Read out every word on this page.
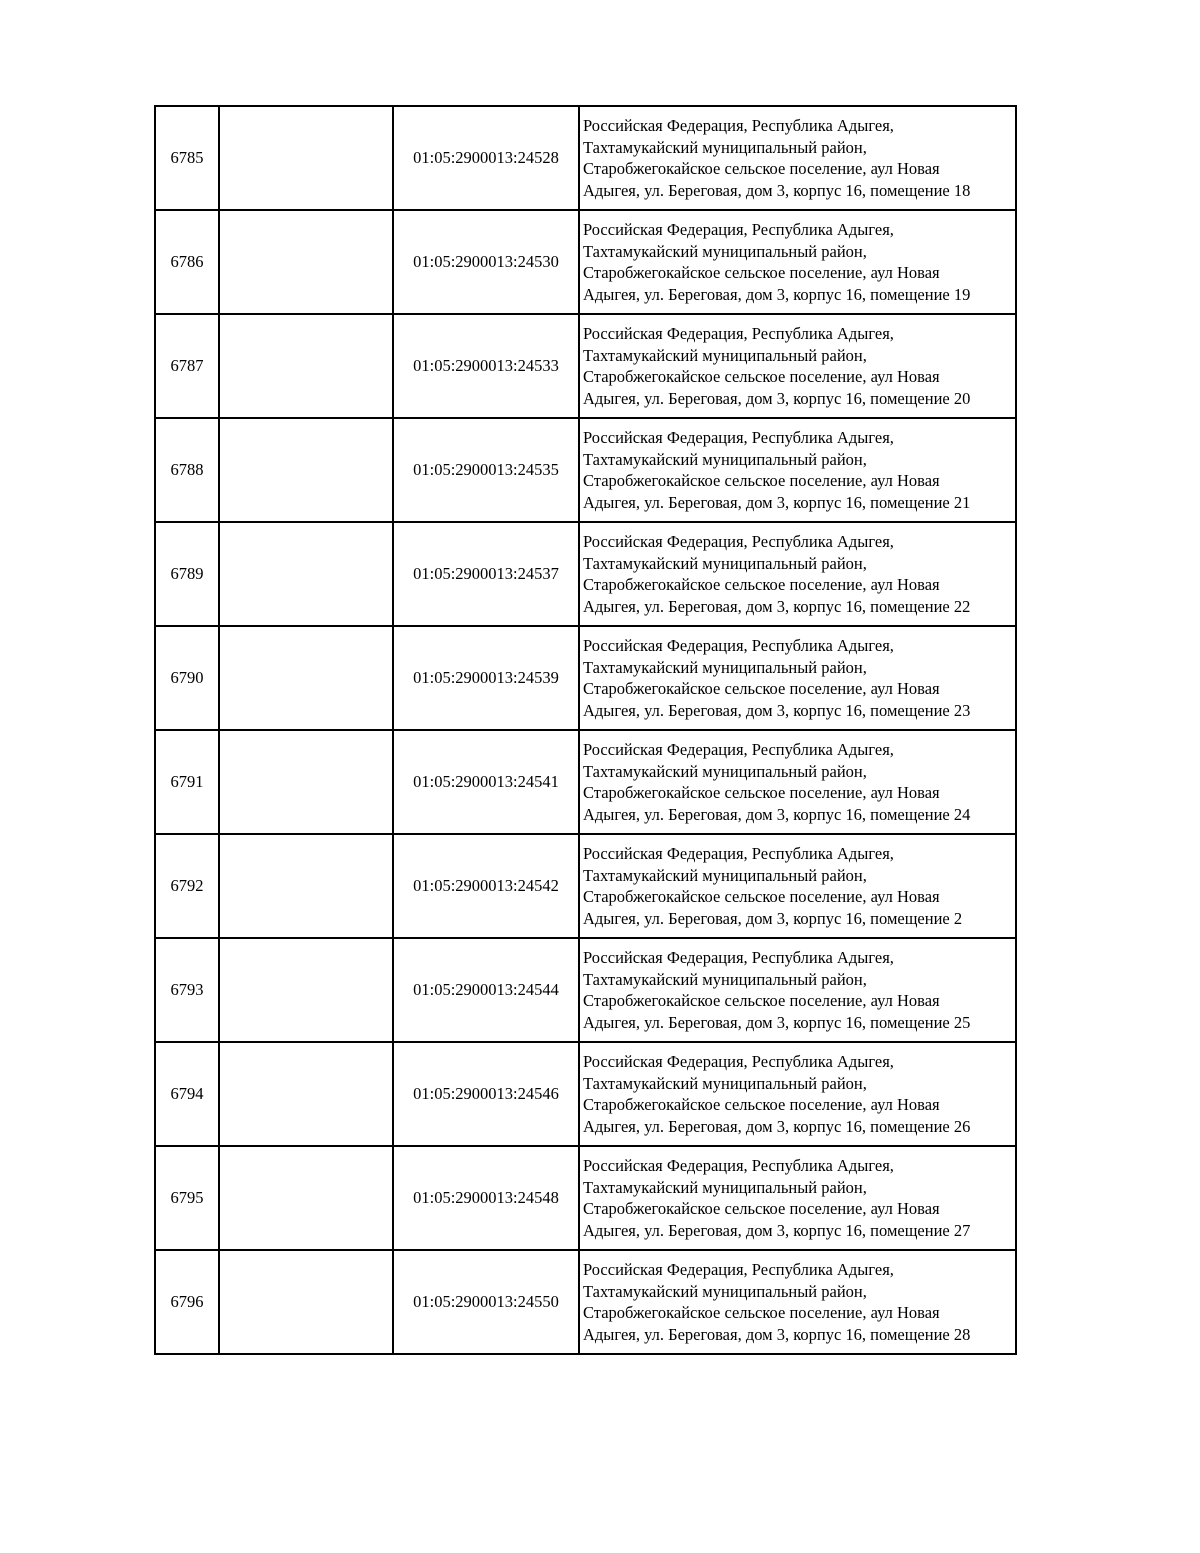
6785		01:05:2900013:24528	Российская Федерация, Республика Адыгея,
Тахтамукайский муниципальный район,
Старобжегокайское сельское поселение, аул Новая
Адыгея, ул. Береговая, дом 3, корпус 16, помещение 18

6786		01:05:2900013:24530	Российская Федерация, Республика Адыгея,
Тахтамукайский муниципальный район,
Старобжегокайское сельское поселение, аул Новая
Адыгея, ул. Береговая, дом 3, корпус 16, помещение 19

6787		01:05:2900013:24533	Российская Федерация, Республика Адыгея,
Тахтамукайский муниципальный район,
Старобжегокайское сельское поселение, аул Новая
Адыгея, ул. Береговая, дом 3, корпус 16, помещение 20

6788		01:05:2900013:24535	Российская Федерация, Республика Адыгея,
Тахтамукайский муниципальный район,
Старобжегокайское сельское поселение, аул Новая
Адыгея, ул. Береговая, дом 3, корпус 16, помещение 21

6789		01:05:2900013:24537	Российская Федерация, Республика Адыгея,
Тахтамукайский муниципальный район,
Старобжегокайское сельское поселение, аул Новая
Адыгея, ул. Береговая, дом 3, корпус 16, помещение 22

6790		01:05:2900013:24539	Российская Федерация, Республика Адыгея,
Тахтамукайский муниципальный район,
Старобжегокайское сельское поселение, аул Новая
Адыгея, ул. Береговая, дом 3, корпус 16, помещение 23

6791		01:05:2900013:24541	Российская Федерация, Республика Адыгея,
Тахтамукайский муниципальный район,
Старобжегокайское сельское поселение, аул Новая
Адыгея, ул. Береговая, дом 3, корпус 16, помещение 24

6792		01:05:2900013:24542	Российская Федерация, Республика Адыгея,
Тахтамукайский муниципальный район,
Старобжегокайское сельское поселение, аул Новая
Адыгея, ул. Береговая, дом 3, корпус 16, помещение 2

6793		01:05:2900013:24544	Российская Федерация, Республика Адыгея,
Тахтамукайский муниципальный район,
Старобжегокайское сельское поселение, аул Новая
Адыгея, ул. Береговая, дом 3, корпус 16, помещение 25

6794		01:05:2900013:24546	Российская Федерация, Республика Адыгея,
Тахтамукайский муниципальный район,
Старобжегокайское сельское поселение, аул Новая
Адыгея, ул. Береговая, дом 3, корпус 16, помещение 26

6795		01:05:2900013:24548	Российская Федерация, Республика Адыгея,
Тахтамукайский муниципальный район,
Старобжегокайское сельское поселение, аул Новая
Адыгея, ул. Береговая, дом 3, корпус 16, помещение 27

6796		01:05:2900013:24550	Российская Федерация, Республика Адыгея,
Тахтамукайский муниципальный район,
Старобжегокайское сельское поселение, аул Новая
Адыгея, ул. Береговая, дом 3, корпус 16, помещение 28
